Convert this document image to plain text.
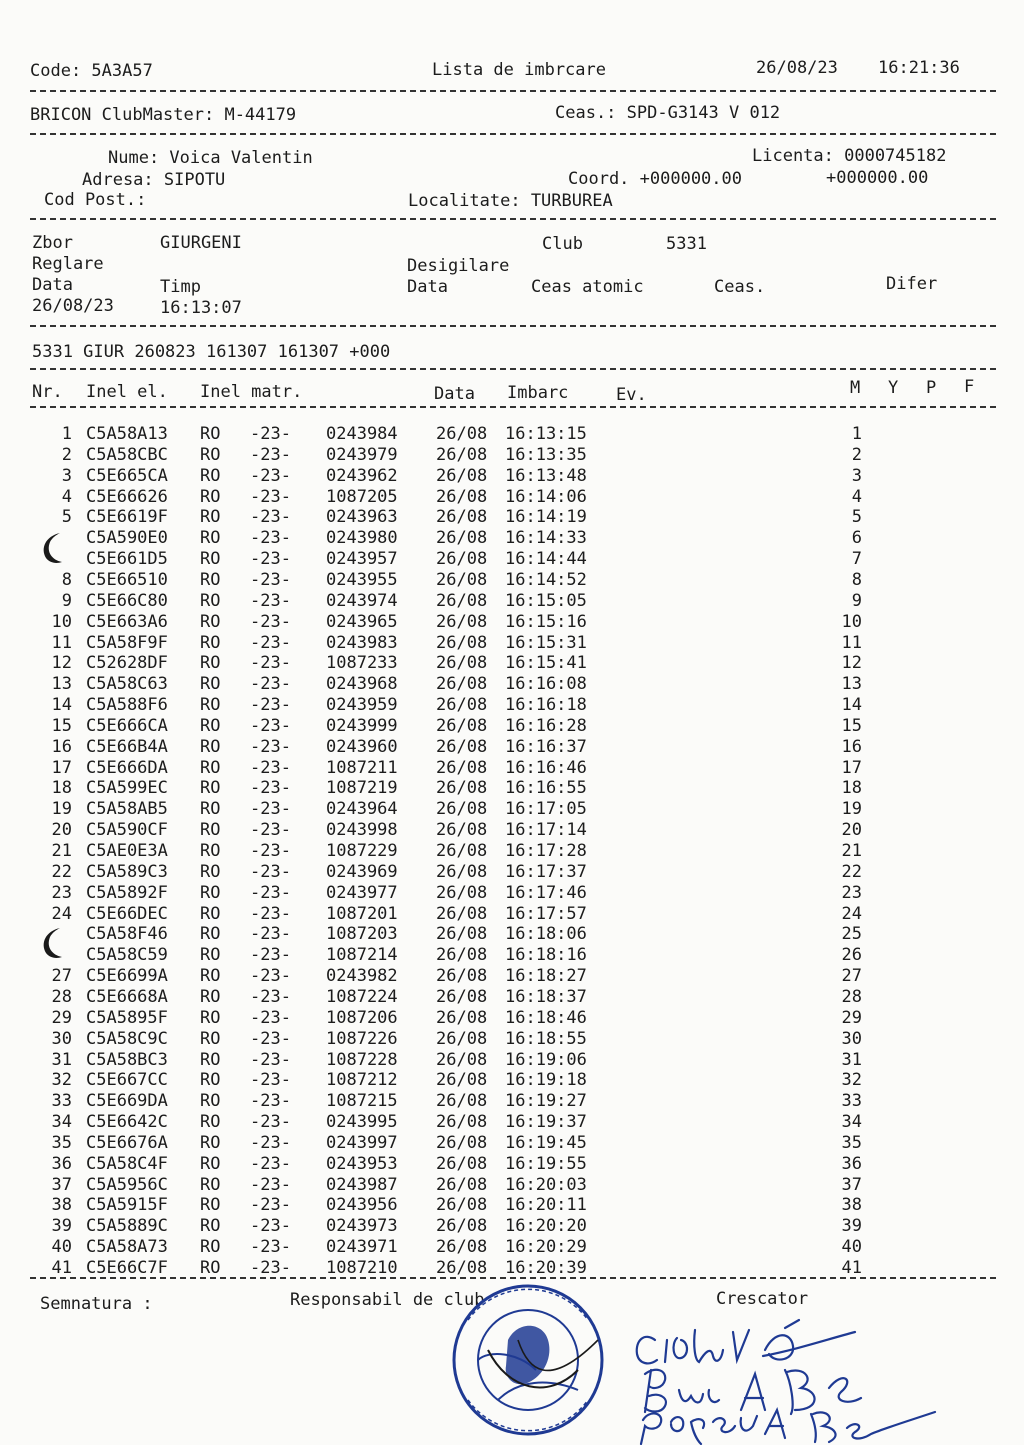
Code: 5A3A57	Lista de imbrcare	26/08/23 16:21:36
BRICON ClubMaster: M-44179	Ceas.: SPD-G3143 V 012
Nume: Voica Valentin	Licenta: 0000745182
Adresa: SIPOTU	Coord. +000000.00	+000000.00
Cod Post.:	Localitate: TURBUREA
Zbor	GIURGENI	Club	5331
Reglare	Desigilare
Data	Timp	Data	Ceas atomic	Ceas.	Difer
26/08/23	16:13:07
5331 GIUR 260823 161307 161307 +000
Nr. Inel el. Inel matr.	Data Imbarc	Ev.	M Y P F
1 C5A58A13 RO -23- 0243984 26/08 16:13:15	1
2 C5A58CBC RO -23- 0243979 26/08 16:13:35	2
3 C5E665CA RO -23- 0243962 26/08 16:13:48	3
4 C5E66626 RO -23- 1087205 26/08 16:14:06	4
5 C5E6619F RO -23- 0243963 26/08 16:14:19	5
C5A590E0 RO -23- 0243980 26/08 16:14:33	6
C5E661D5 RO -23- 0243957 26/08 16:14:44	7
8 C5E66510 RO -23- 0243955 26/08 16:14:52	8
9 C5E66C80 RO -23- 0243974 26/08 16:15:05	9
10 C5E663A6 RO -23- 0243965 26/08 16:15:16	10
11 C5A58F9F RO -23- 0243983 26/08 16:15:31	11
12 C52628DF RO -23- 1087233 26/08 16:15:41	12
13 C5A58C63 RO -23- 0243968 26/08 16:16:08	13
14 C5A588F6 RO -23- 0243959 26/08 16:16:18	14
15 C5E666CA RO -23- 0243999 26/08 16:16:28	15
16 C5E66B4A RO -23- 0243960 26/08 16:16:37	16
17 C5E666DA RO -23- 1087211 26/08 16:16:46	17
18 C5A599EC RO -23- 1087219 26/08 16:16:55	18
19 C5A58AB5 RO -23- 0243964 26/08 16:17:05	19
20 C5A590CF RO -23- 0243998 26/08 16:17:14	20
21 C5AE0E3A RO -23- 1087229 26/08 16:17:28	21
22 C5A589C3 RO -23- 0243969 26/08 16:17:37	22
23 C5A5892F RO -23- 0243977 26/08 16:17:46	23
24 C5E66DEC RO -23- 1087201 26/08 16:17:57	24
C5A58F46 RO -23- 1087203 26/08 16:18:06	25
C5A58C59 RO -23- 1087214 26/08 16:18:16	26
27 C5E6699A RO -23- 0243982 26/08 16:18:27	27
28 C5E6668A RO -23- 1087224 26/08 16:18:37	28
29 C5A5895F RO -23- 1087206 26/08 16:18:46	29
30 C5A58C9C RO -23- 1087226 26/08 16:18:55	30
31 C5A58BC3 RO -23- 1087228 26/08 16:19:06	31
32 C5E667CC RO -23- 1087212 26/08 16:19:18	32
33 C5E669DA RO -23- 1087215 26/08 16:19:27	33
34 C5E6642C RO -23- 0243995 26/08 16:19:37	34
35 C5E6676A RO -23- 0243997 26/08 16:19:45	35
36 C5A58C4F RO -23- 0243953 26/08 16:19:55	36
37 C5A5956C RO -23- 0243987 26/08 16:20:03	37
38 C5A5915F RO -23- 0243956 26/08 16:20:11	38
39 C5A5889C RO -23- 0243973 26/08 16:20:20	39
40 C5A58A73 RO -23- 0243971 26/08 16:20:29	40
41 C5E66C7F RO -23- 1087210 26/08 16:20:39	41
Semnatura :	Responsabil de club	Crescator
